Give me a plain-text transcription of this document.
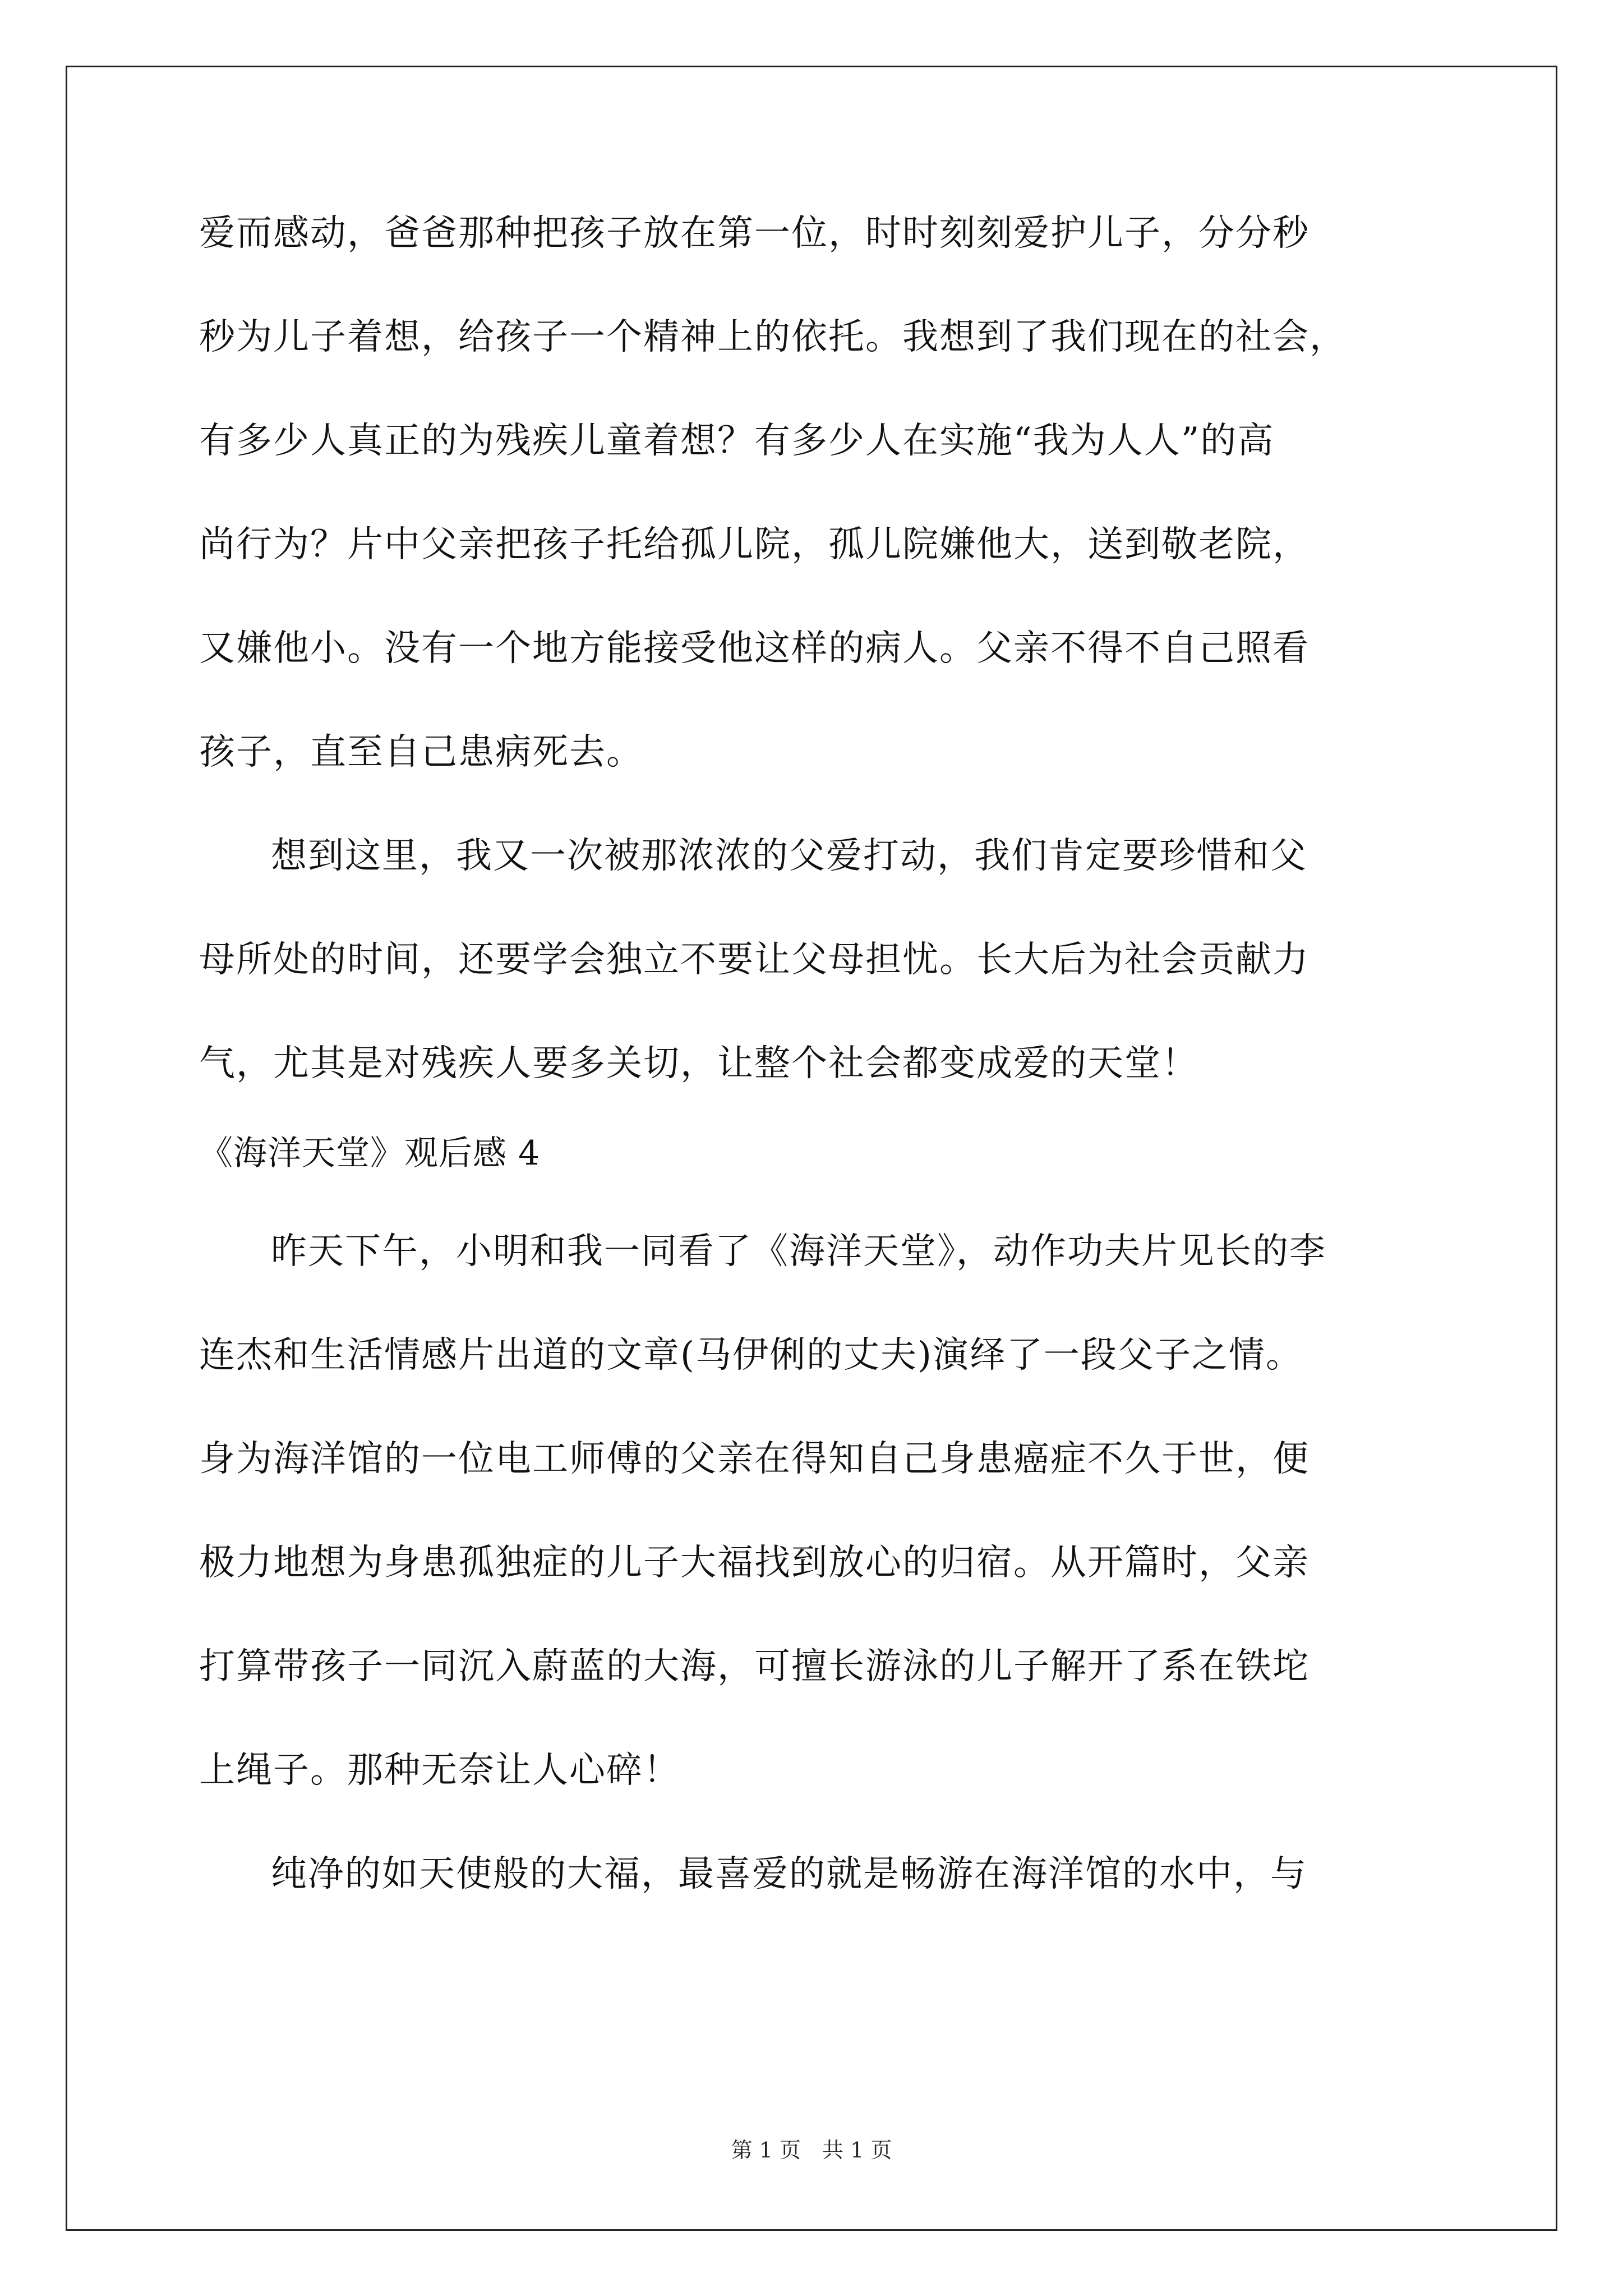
爱而感动，爸爸那种把孩子放在第一位，时时刻刻爱护儿子，分分秒
秒为儿子着想，给孩子一个精神上的依托。我想到了我们现在的社会，
有多少人真正的为残疾儿童着想？有多少人在实施“我为人人”的高
尚行为？片中父亲把孩子托给孤儿院，孤儿院嫌他大，送到敬老院，
又嫌他小。没有一个地方能接受他这样的病人。父亲不得不自己照看
孩子，直至自己患病死去。
想到这里，我又一次被那浓浓的父爱打动，我们肯定要珍惜和父
母所处的时间，还要学会独立不要让父母担忧。长大后为社会贡献力
气，尤其是对残疾人要多关切，让整个社会都变成爱的天堂！
《海洋天堂》观后感 4
昨天下午，小明和我一同看了《海洋天堂》，动作功夫片见长的李
连杰和生活情感片出道的文章(马伊俐的丈夫)演绎了一段父子之情。
身为海洋馆的一位电工师傅的父亲在得知自己身患癌症不久于世，便
极力地想为身患孤独症的儿子大福找到放心的归宿。从开篇时，父亲
打算带孩子一同沉入蔚蓝的大海，可擅长游泳的儿子解开了系在铁坨
上绳子。那种无奈让人心碎！
纯净的如天使般的大福，最喜爱的就是畅游在海洋馆的水中，与
第 1 页　共 1 页
